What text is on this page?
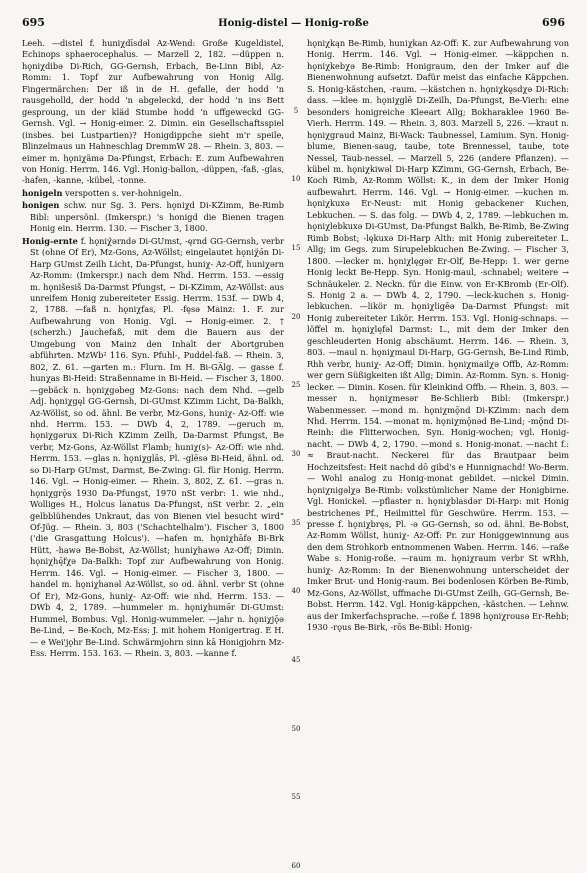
695	Honig-distel — Honig-roße	696

Leeh. —distel f. huniχdīsdǝl Az-Wend: Große Kugeldistel, Echinops sphaerocephalus. — Marzell 2, 182. —düppen n. hǫniχdibǝ Di-Rich, GG-Gernsh, Erbach, Be-Linn Bibl, Az-Romm: 1. Topf zur Aufbewahrung von Honig Allg. Fingermärchen: Der iß in de H. gefalle, der hodd 'n rausgeholld, der hodd 'n abgeleckd, der hodd 'n ins Bett gesproung, un der kläd Stumbe hodd 'n uffgeweckd GG-Gernsh. Vgl. → Honig-eimer. 2. Dimin. ein Gesellschaftsspiel (insbes. bei Lustpartien)? Honigdippche sieht m'r speile, Blinzelmaus un Hahneschlag DremmW 28. — Rhein. 3, 803. —eimer m. hǫniχämǝ Da-Pfungst, Erbach: E. zum Aufbewahren von Honig. Herrm. 146. Vgl. Honig-ballon, -düppen, -faß, -glas, -hafen, -kanne, -kübel, -tonne.

honigeln verspotten s. ver-hohnigeln.

honigen schw. nur Sg. 3. Pers. hǫniχd Di-KZimm, Be-Rimb Bibl: unpersönl. (Imkerspr.) 's honigd die Bienen tragen Honig ein. Herrm. 130. — Fischer 3, 1800.

Honig-ernte f. hǫniχ̈ǝrndǝ Di-GUmst, -ęrnd GG-Gernsh, verbr St (ohne Of Er), Mz-Gons, Az-Wöllst; eingelautet hǫniχ̈ǝ̄n Di-Harp GUmst Zeilh Licht, Da-Pfungst, huniχ- Az-Off, huniχǝrn Az-Romm: (Imkerspr.) nach dem Nhd. Herrm. 153. —essig m. hǫnišesiš Da-Darmst Pfungst, ~ Di-KZimm, Az-Wöllst: aus unreifem Honig zubereiteter Essig. Herrm. 153f. — DWb 4, 2, 1788. —faß n. hǫniχfas, Pl. -fęsǝ Mainz: 1. F. zur Aufbewahrung von Honig. Vgl. → Honig-eimer. 2. † (scherzh.) Jauchefaß, mit dem die Bauern aus der Umgebung von Mainz den Inhalt der Abortgruben abführten. MzWb² 116. Syn. Pfuhl-, Puddel-faß. — Rhein. 3, 802, Z. 61. —garten m.: Flurn. Im H. Bi-GÄlg. — gasse f. hunχas Bi-Heid: Straßenname in Bi-Heid. — Fischer 3, 1800. —gebäck n. hǫniχgǝbeg Mz-Gons: nach dem Nhd. —gelb Adj. hǫniχgęl GG-Gernsh, Di-GUmst KZimm Licht, Da-Balkh, Az-Wöllst, so od. ähnl. Be verbr, Mz-Gons, huniχ- Az-Off: wie nhd. Herrm. 153. — DWb 4, 2, 1789. —geruch m. hǫniχgǝrux Di-Rich KZimm Zeilh, Da-Darmst Pfungst, Be verbr, Mz-Gons, Az-Wöllst Flamb; huniχ(s)- Az-Off: wie nhd. Herrm. 153. —glas n. hǫniχglās, Pl. -glēsǝ Bi-Heid, ähnl. od. so Di-Harp GUmst, Darmst, Be-Zwing: Gl. für Honig. Herrm. 146. Vgl. → Honig-eimer. — Rhein. 3, 802, Z. 61. —gras n. hǫniχgrǭs 1930 Da-Pfungst, 1970 nSt verbr: 1. wie nhd., Wolliges H., Holcus lanatus Da-Pfungst, nSt verbr. 2. „ein gelbblühendes Unkraut, das von Bienen viel besucht wird“ Of-Jüg. — Rhein. 3, 803 ('Schachtelhalm'). Fischer 3, 1800 ('die Grasgattung Holcus'). —hafen m. hǫniχhāfǝ Bi-Brk Hütt, -hawǝ Be-Bobst, Az-Wöllst; huniχhawǝ Az-Off; Dimin. hǫniχhę̄fχǝ Da-Balkh: Topf zur Aufbewahrung von Honig. Herrm. 146. Vgl. → Honig-eimer. — Fischer 3, 1800. —handel m. hǫniχhanǝl Az-Wöllst, so od. ähnl. verbr St (ohne Of Er), Mz-Gons, huniχ- Az-Off: wie nhd. Herrm. 153. — DWb 4, 2, 1789. —hummeler m. hǫniχhumǝ̄r Di-GUmst: Hummel, Bombus. Vgl. Honig-wummeler. —jahr n. hǫniχjǭǝ Be-Lind, ~ Be-Koch, Mz-Ess: J. mit hohem Honigertrag. E H. — e Wei'jǫhr Be-Lind. Schwärmjohrn sinn kā Honigjohrn Mz-Ess. Herrm. 153. 163. — Rhein. 3, 803. —kanne f.

5
10
15
20
25
30
35
40
45
50
55
60

hǫniχkąn Be-Rimb, huniχkan Az-Off: K. zur Aufbewahrung von Honig. Herrm. 146. Vgl. → Honig-eimer. —käppchen n. hǫniχkebχǝ Be-Rimb: Honigraum, den der Imker auf die Bienenwohnung aufsetzt. Dafür meist das einfache Käppchen. S. Honig-kästchen, -raum. —kästchen n. hǫniχkęsdχǝ Di-Rich: dass. —klee m. hǫniχglē Di-Zeilh, Da-Pfungst, Be-Vierh: eine besonders honigreiche Kleeart Allg; Bokharaklee 1960 Be-Vierh. Herrm. 149. — Rhein. 3, 803. Marzell 5, 226. —kraut n. hǫniχgraud Mainz, Bi-Wack: Taubnessel, Lamium. Syn. Honig-blume, Bienen-saug, taube, tote Brennessel, taube, tote Nessel, Taub-nessel. — Marzell 5, 226 (andere Pflanzen). —kübel m. hǫniχkiwǝl Di-Harp KZimm, GG-Gernsh, Erbach, Be-Koch Rimb, Az-Romm Wöllst: K., in dem der Imker Honig aufbewahrt. Herrm. 146. Vgl. → Honig-eimer. —kuchen m. hǫniχkuxǝ Er-Neust: mit Honig gebackener Kuchen, Lebkuchen. — S. das folg. — DWb 4, 2, 1789. —lebkuchen m. hǫniχlebkuxǝ Di-GUmst, Da-Pfungst Balkh, Be-Rimb, Be-Zwing Rimb Bobst; -lękuxǝ Di-Harp Alth: mit Honig zubereiteter L. Allg; im Gegs. zum Sirupelebkuchen Be-Zwing. — Fischer 3, 1800. —lecker m. hǫniχlęgǝr Er-Olf, Be-Hepp: 1. wer gerne Honig leckt Be-Hepp. Syn. Honig-maul, -schnabel; weitere → Schnäukeler. 2. Neckn. für die Einw. von Er-KBromb (Er-Olf). S. Honig 2 a. — DWb 4, 2, 1790. —leck-kuchen s. Honig-lebkuchen. —likör m. hǫniχligēǝ Da-Darmst Pfungst: mit Honig zubereiteter Likör. Herrm. 153. Vgl. Honig-schnaps. —löffel m. hǫniχlęfǝl Darmst: L., mit dem der Imker den geschleuderten Honig abschäumt. Herrm. 146. — Rhein. 3, 803. —maul n. hǫniχmaul Di-Harp, GG-Gernsh, Be-Lind Rimb, Rhh verbr, huniχ- Az-Off; Dimin. hǫniχmailχǝ Offb, Az-Romm: wer gern Süßigkeiten ißt Allg; Dimin. Az-Romm. Syn. s. Honig-lecker. — Dimin. Kosen. für Kleinkind Offb. — Rhein. 3, 803. —messer n. hǫniχmesǝr Be-Schlierb Bibl: (Imkerspr.) Wabenmesser. —mond m. hǫniχmǭnd Di-KZimm: nach dem Nhd. Herrm. 154. —monat m. hǫniχmǭnǝd Be-Lind; -mǭnd Di-Reinh: die Flitterwochen. Syn. Honig-wochen; vgl. Honig-nacht. — DWb 4, 2, 1790. —mond s. Honig-monat. —nacht f.: ≈ Braut-nacht. Neckerei für das Brautpaar beim Hochzeitsfest: Heit nachd dō gibd's e Hunnignachd! Wo-Berm. — Wohl analog zu Honig-monat gebildet. —nickel Dimin. hǫniχnigǝlχǝ Be-Rimb: volkstümlicher Name der Honigbirne. Vgl. Honickel. —pflaster n. hǫniχblasdǝr Di-Harp: mit Honig bestrichenes Pf., Heilmittel für Geschwüre. Herrm. 153. —presse f. hǫniχbręs, Pl. -ǝ GG-Gernsh, so od. ähnl. Be-Bobst, Az-Romm Wöllst, huniχ- Az-Off: Pr. zur Honiggewinnung aus den dem Strohkorb entnommenen Waben. Herrm. 146. —raße Wabe s. Honig-roße. —raum m. hǫniχraum verbr St wRhh, huniχ- Az-Romm: In der Bienenwohnung unterscheidet der Imker Brut- und Honig-raum. Bei bodenlosen Körben Be-Rimb, Mz-Gons, Az-Wöllst, uffmache Di-GUmst Zeilh, GG-Gernsh, Be-Bobst. Herrm. 142. Vgl. Honig-käppchen, -kästchen. — Lehnw. aus der Imkerfachsprache. —roße f. 1898 hǫniχrousǝ Er-Rehb; 1930 -rǫus Be-Birk, -rōs Be-Bibl: Honig-
